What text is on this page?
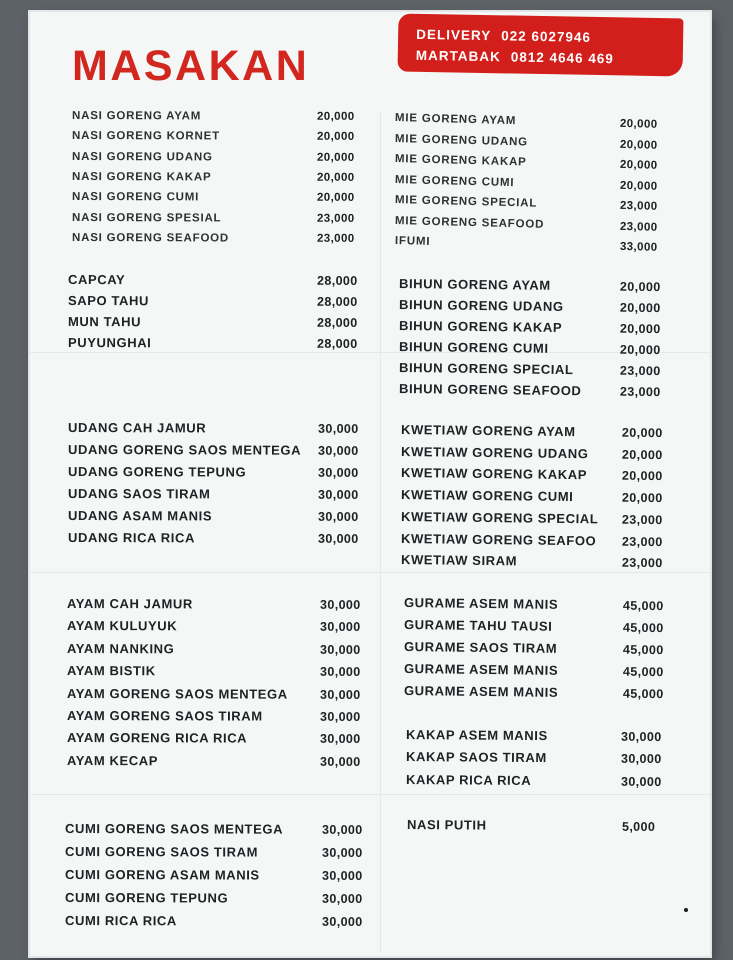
MASAKAN
DELIVERY 022 6027946
MARTABAK 0812 4646 469
NASI GORENG AYAM	20,000
NASI GORENG KORNET	20,000
NASI GORENG UDANG	20,000
NASI GORENG KAKAP	20,000
NASI GORENG CUMI	20,000
NASI GORENG SPESIAL	23,000
NASI GORENG SEAFOOD	23,000
CAPCAY	28,000
SAPO TAHU	28,000
MUN TAHU	28,000
PUYUNGHAI	28,000
UDANG CAH JAMUR	30,000
UDANG GORENG SAOS MENTEGA 30,000
UDANG GORENG TEPUNG	30,000
UDANG SAOS TIRAM	30,000
UDANG ASAM MANIS	30,000
UDANG RICA RICA	30,000
AYAM CAH JAMUR	30,000
AYAM KULUYUK	30,000
AYAM NANKING	30,000
AYAM BISTIK	30,000
AYAM GORENG SAOS MENTEGA	30,000
AYAM GORENG SAOS TIRAM	30,000
AYAM GORENG RICA RICA	30,000
AYAM KECAP	30,000
CUMI GORENG SAOS MENTEGA	30,000
CUMI GORENG SAOS TIRAM	30,000
CUMI GORENG ASAM MANIS	30,000
CUMI GORENG TEPUNG	30,000
CUMI RICA RICA	30,000
MIE GORENG AYAM	20,000
MIE GORENG UDANG	20,000
MIE GORENG KAKAP	20,000
MIE GORENG CUMI	20,000
MIE GORENG SPECIAL	23,000
MIE GORENG SEAFOOD	23,000
IFUMI	33,000
BIHUN GORENG AYAM	20,000
BIHUN GORENG UDANG	20,000
BIHUN GORENG KAKAP	20,000
BIHUN GORENG CUMI	20,000
BIHUN GORENG SPECIAL	23,000
BIHUN GORENG SEAFOOD	23,000
KWETIAW GORENG AYAM	20,000
KWETIAW GORENG UDANG	20,000
KWETIAW GORENG KAKAP	20,000
KWETIAW GORENG CUMI	20,000
KWETIAW GORENG SPECIAL 23,000
KWETIAW GORENG SEAFOO 23,000
KWETIAW SIRAM	23,000
GURAME ASEM MANIS	45,000
GURAME TAHU TAUSI	45,000
GURAME SAOS TIRAM	45,000
GURAME ASEM MANIS	45,000
GURAME ASEM MANIS	45,000
KAKAP ASEM MANIS	30,000
KAKAP SAOS TIRAM	30,000
KAKAP RICA RICA	30,000
NASI PUTIH	5,000
